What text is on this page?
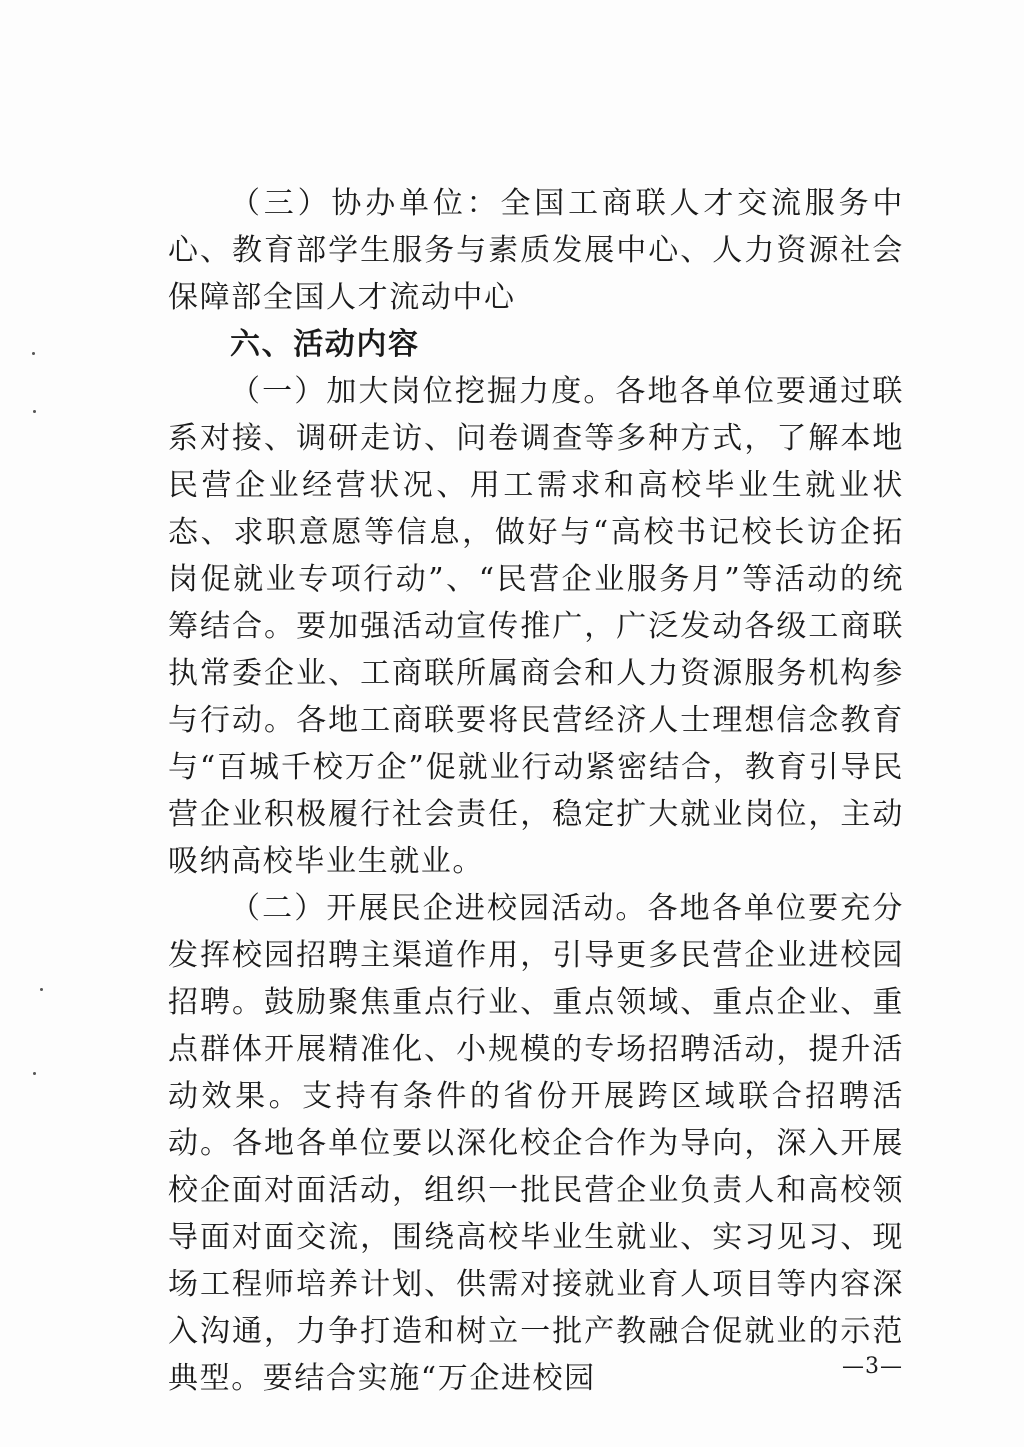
（三）协办单位：全国工商联人才交流服务中心、教育部学生服务与素质发展中心、人力资源社会保障部全国人才流动中心

六、活动内容

（一）加大岗位挖掘力度。各地各单位要通过联系对接、调研走访、问卷调查等多种方式，了解本地民营企业经营状况、用工需求和高校毕业生就业状态、求职意愿等信息，做好与“高校书记校长访企拓岗促就业专项行动”、“民营企业服务月”等活动的统筹结合。要加强活动宣传推广，广泛发动各级工商联执常委企业、工商联所属商会和人力资源服务机构参与行动。各地工商联要将民营经济人士理想信念教育与“百城千校万企”促就业行动紧密结合，教育引导民营企业积极履行社会责任，稳定扩大就业岗位，主动吸纳高校毕业生就业。

（二）开展民企进校园活动。各地各单位要充分发挥校园招聘主渠道作用，引导更多民营企业进校园招聘。鼓励聚焦重点行业、重点领域、重点企业、重点群体开展精准化、小规模的专场招聘活动，提升活动效果。支持有条件的省份开展跨区域联合招聘活动。各地各单位要以深化校企合作为导向，深入开展校企面对面活动，组织一批民营企业负责人和高校领导面对面交流，围绕高校毕业生就业、实习见习、现场工程师培养计划、供需对接就业育人项目等内容深入沟通，力争打造和树立一批产教融合促就业的示范典型。要结合实施“万企进校园	—3—
